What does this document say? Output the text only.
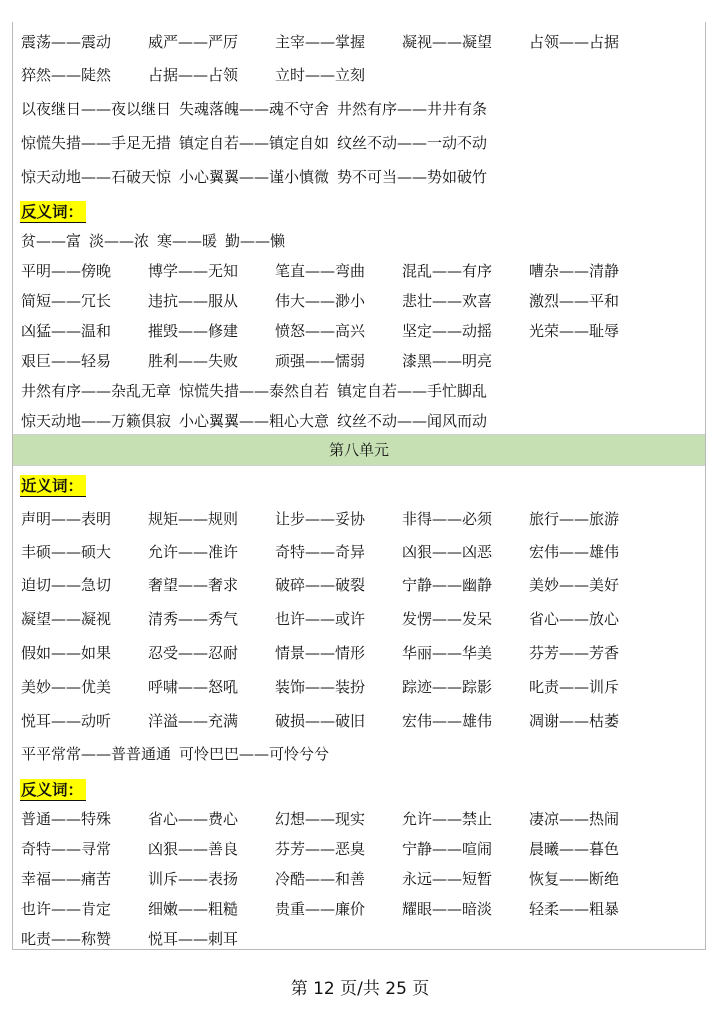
震荡——震动 威严——严厉 主宰——掌握 凝视——凝望 占领——占据
猝然——陡然 占据——占领 立时——立刻
以夜继日——夜以继日 失魂落魄——魂不守舍 井然有序——井井有条
惊慌失措——手足无措 镇定自若——镇定自如 纹丝不动——一动不动
惊天动地——石破天惊 小心翼翼——谨小慎微 势不可当——势如破竹
反义词：
贫——富 淡——浓 寒——暖 勤——懒
平明——傍晚 博学——无知 笔直——弯曲 混乱——有序 嘈杂——清静
简短——冗长 违抗——服从 伟大——渺小 悲壮——欢喜 激烈——平和
凶猛——温和 摧毁——修建 愤怒——高兴 坚定——动摇 光荣——耻辱
艰巨——轻易 胜利——失败 顽强——懦弱 漆黑——明亮
井然有序——杂乱无章 惊慌失措——泰然自若 镇定自若——手忙脚乱
惊天动地——万籁俱寂 小心翼翼——粗心大意 纹丝不动——闻风而动
第八单元
近义词：
声明——表明 规矩——规则 让步——妥协 非得——必须 旅行——旅游
丰硕——硕大 允许——准许 奇特——奇异 凶狠——凶恶 宏伟——雄伟
迫切——急切 奢望——奢求 破碎——破裂 宁静——幽静 美妙——美好
凝望——凝视 清秀——秀气 也许——或许 发愣——发呆 省心——放心
假如——如果 忍受——忍耐 情景——情形 华丽——华美 芬芳——芳香
美妙——优美 呼啸——怒吼 装饰——装扮 踪迹——踪影 叱责——训斥
悦耳——动听 洋溢——充满 破损——破旧 宏伟——雄伟 凋谢——枯萎
平平常常——普普通通 可怜巴巴——可怜兮兮
反义词：
普通——特殊 省心——费心 幻想——现实 允许——禁止 凄凉——热闹
奇特——寻常 凶狠——善良 芬芳——恶臭 宁静——喧闹 晨曦——暮色
幸福——痛苦 训斥——表扬 冷酷——和善 永远——短暂 恢复——断绝
也许——肯定 细嫩——粗糙 贵重——廉价 耀眼——暗淡 轻柔——粗暴
叱责——称赞 悦耳——刺耳
第 12 页/共 25 页
